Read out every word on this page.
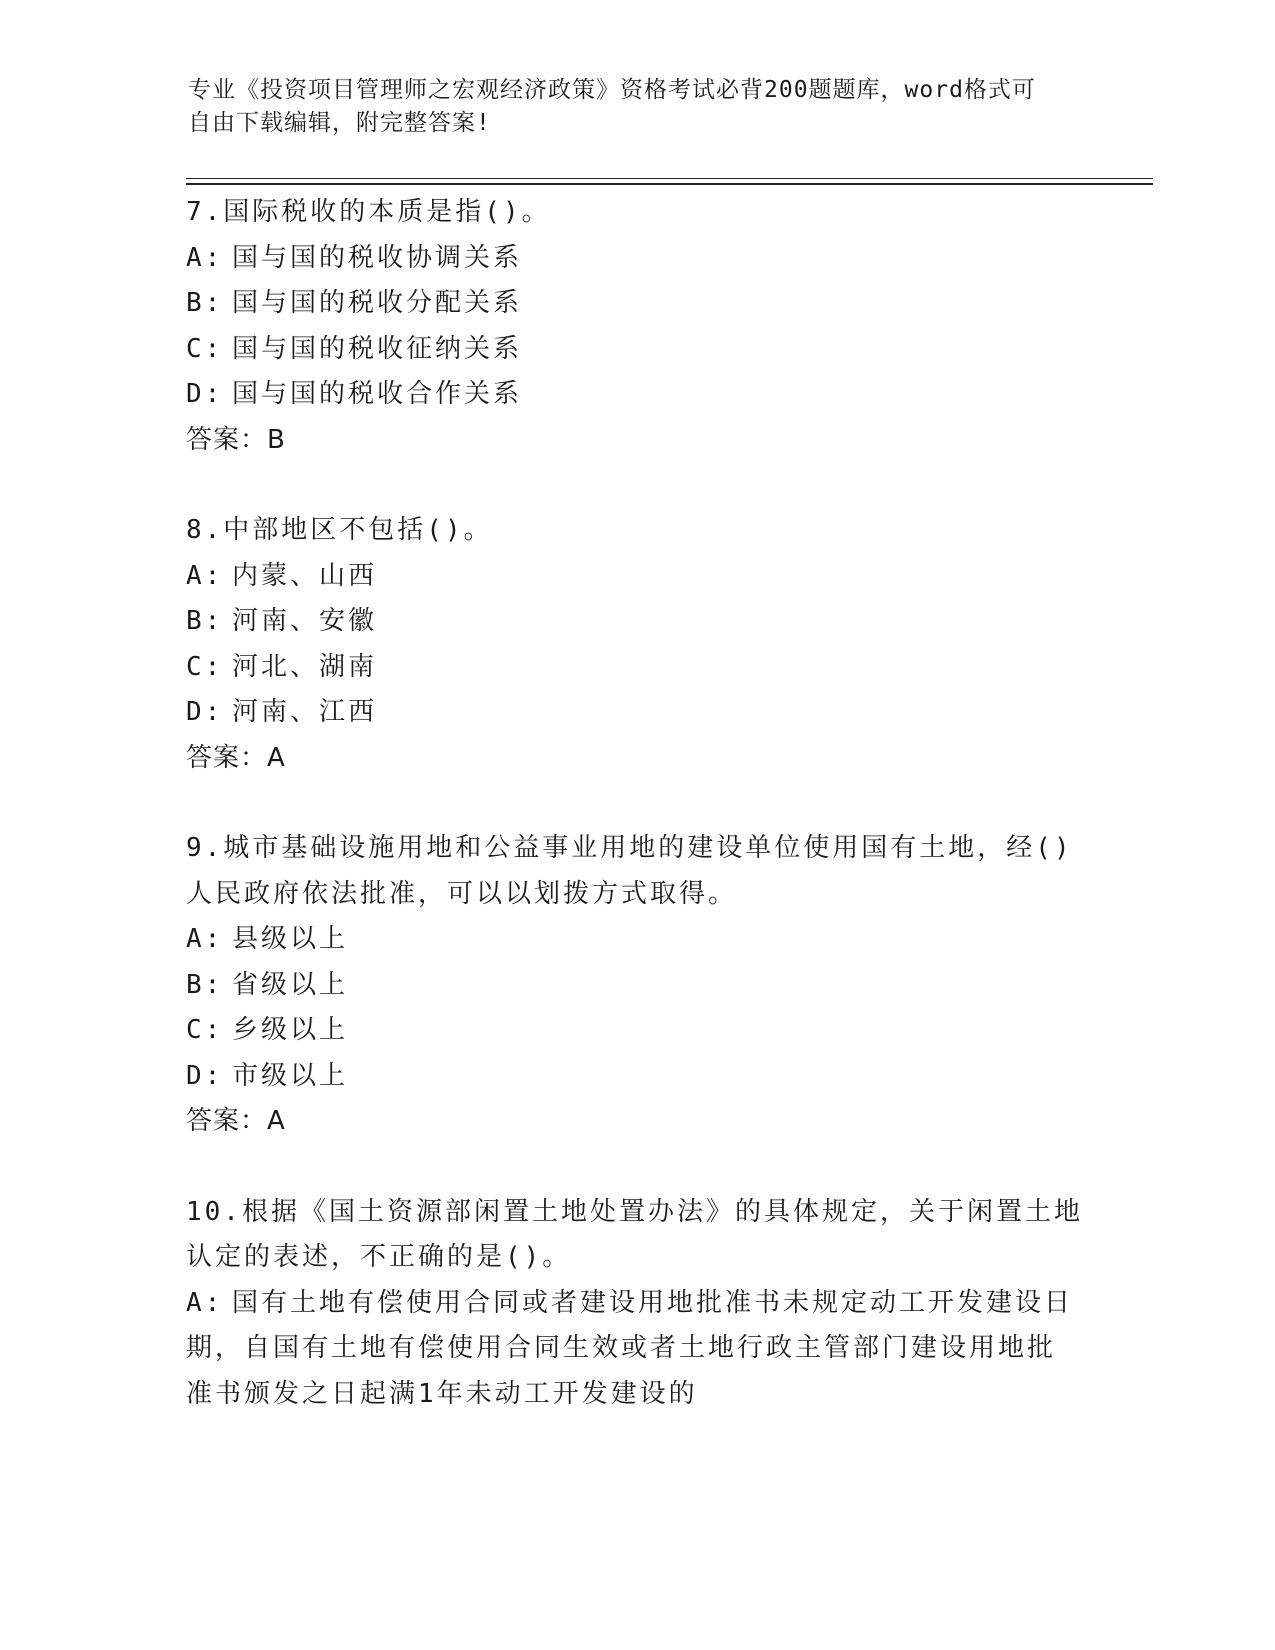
专业《投资项目管理师之宏观经济政策》资格考试必背200题题库，word格式可
自由下载编辑，附完整答案!
7.国际税收的本质是指()。
A: 国与国的税收协调关系
B: 国与国的税收分配关系
C: 国与国的税收征纳关系
D: 国与国的税收合作关系
答案：B
8.中部地区不包括()。
A: 内蒙、山西
B: 河南、安徽
C: 河北、湖南
D: 河南、江西
答案：A
9.城市基础设施用地和公益事业用地的建设单位使用国有土地，经()
人民政府依法批准，可以以划拨方式取得。
A: 县级以上
B: 省级以上
C: 乡级以上
D: 市级以上
答案：A
10.根据《国土资源部闲置土地处置办法》的具体规定，关于闲置土地
认定的表述，不正确的是()。
A: 国有土地有偿使用合同或者建设用地批准书未规定动工开发建设日
期，自国有土地有偿使用合同生效或者土地行政主管部门建设用地批
准书颁发之日起满1年未动工开发建设的
